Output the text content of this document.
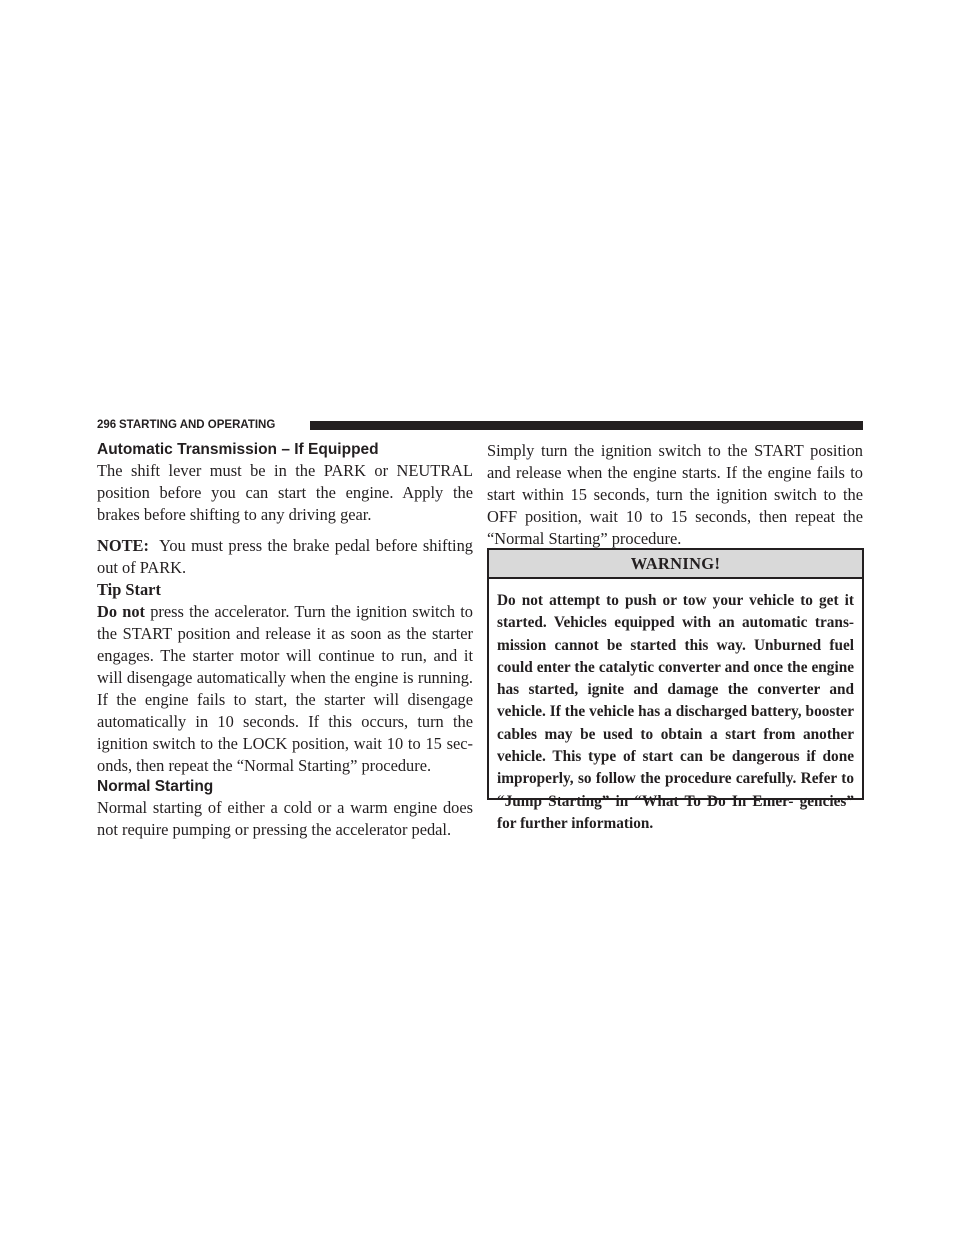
296 STARTING AND OPERATING
Automatic Transmission – If Equipped

The shift lever must be in the PARK or NEUTRAL position before you can start the engine. Apply the brakes before shifting to any driving gear.

NOTE: You must press the brake pedal before shifting out of PARK.

Tip Start

Do not press the accelerator. Turn the ignition switch to the START position and release it as soon as the starter engages. The starter motor will continue to run, and it will disengage automatically when the engine is running. If the engine fails to start, the starter will disengage automatically in 10 seconds. If this occurs, turn the ignition switch to the LOCK position, wait 10 to 15 sec- onds, then repeat the “Normal Starting” procedure.

Normal Starting

Normal starting of either a cold or a warm engine does not require pumping or pressing the accelerator pedal.

Simply turn the ignition switch to the START position and release when the engine starts. If the engine fails to start within 15 seconds, turn the ignition switch to the OFF position, wait 10 to 15 seconds, then repeat the “Normal Starting” procedure.

WARNING!
Do not attempt to push or tow your vehicle to get it started. Vehicles equipped with an automatic trans- mission cannot be started this way. Unburned fuel could enter the catalytic converter and once the engine has started, ignite and damage the converter and vehicle. If the vehicle has a discharged battery, booster cables may be used to obtain a start from another vehicle. This type of start can be dangerous if done improperly, so follow the procedure carefully. Refer to “Jump Starting” in “What To Do In Emer- gencies” for further information.
